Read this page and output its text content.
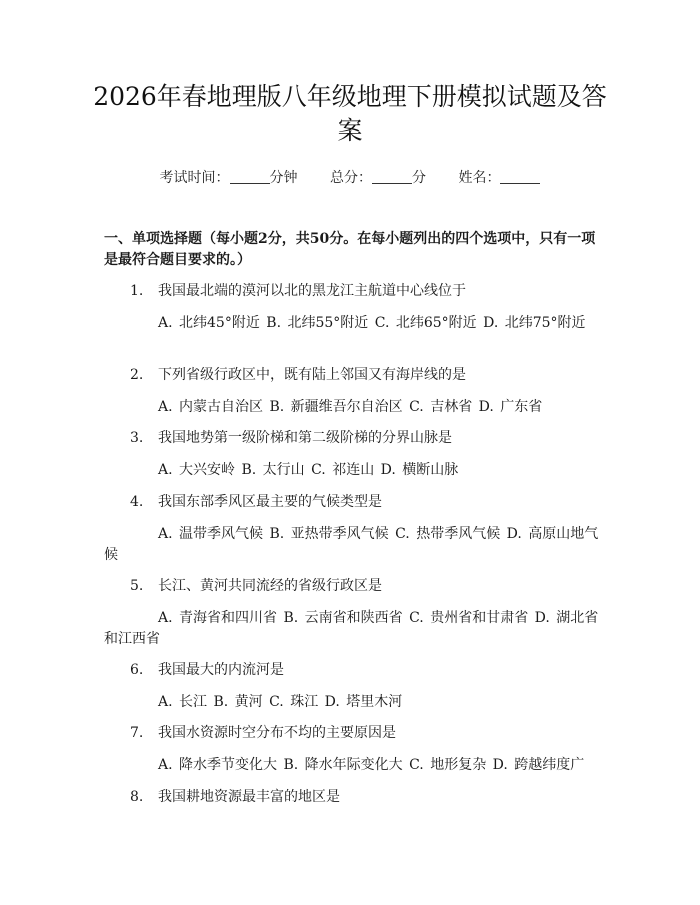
2026年春地理版八年级地理下册模拟试题及答案
考试时间：	分钟 总分：	分 姓名：

一、单项选择题（每小题2分，共50分。在每小题列出的四个选项中，只有一项是最符合题目要求的。）

1. 我国最北端的漠河以北的黑龙江主航道中心线位于
A. 北纬45°附近 B. 北纬55°附近 C. 北纬65°附近 D. 北纬75°附近
2. 下列省级行政区中，既有陆上邻国又有海岸线的是
A. 内蒙古自治区 B. 新疆维吾尔自治区 C. 吉林省 D. 广东省
3. 我国地势第一级阶梯和第二级阶梯的分界山脉是
A. 大兴安岭 B. 太行山 C. 祁连山 D. 横断山脉
4. 我国东部季风区最主要的气候类型是
A. 温带季风气候 B. 亚热带季风气候 C. 热带季风气候 D. 高原山地气候
5. 长江、黄河共同流经的省级行政区是
A. 青海省和四川省 B. 云南省和陕西省 C. 贵州省和甘肃省 D. 湖北省和江西省
6. 我国最大的内流河是
A. 长江 B. 黄河 C. 珠江 D. 塔里木河
7. 我国水资源时空分布不均的主要原因是
A. 降水季节变化大 B. 降水年际变化大 C. 地形复杂 D. 跨越纬度广
8. 我国耕地资源最丰富的地区是
